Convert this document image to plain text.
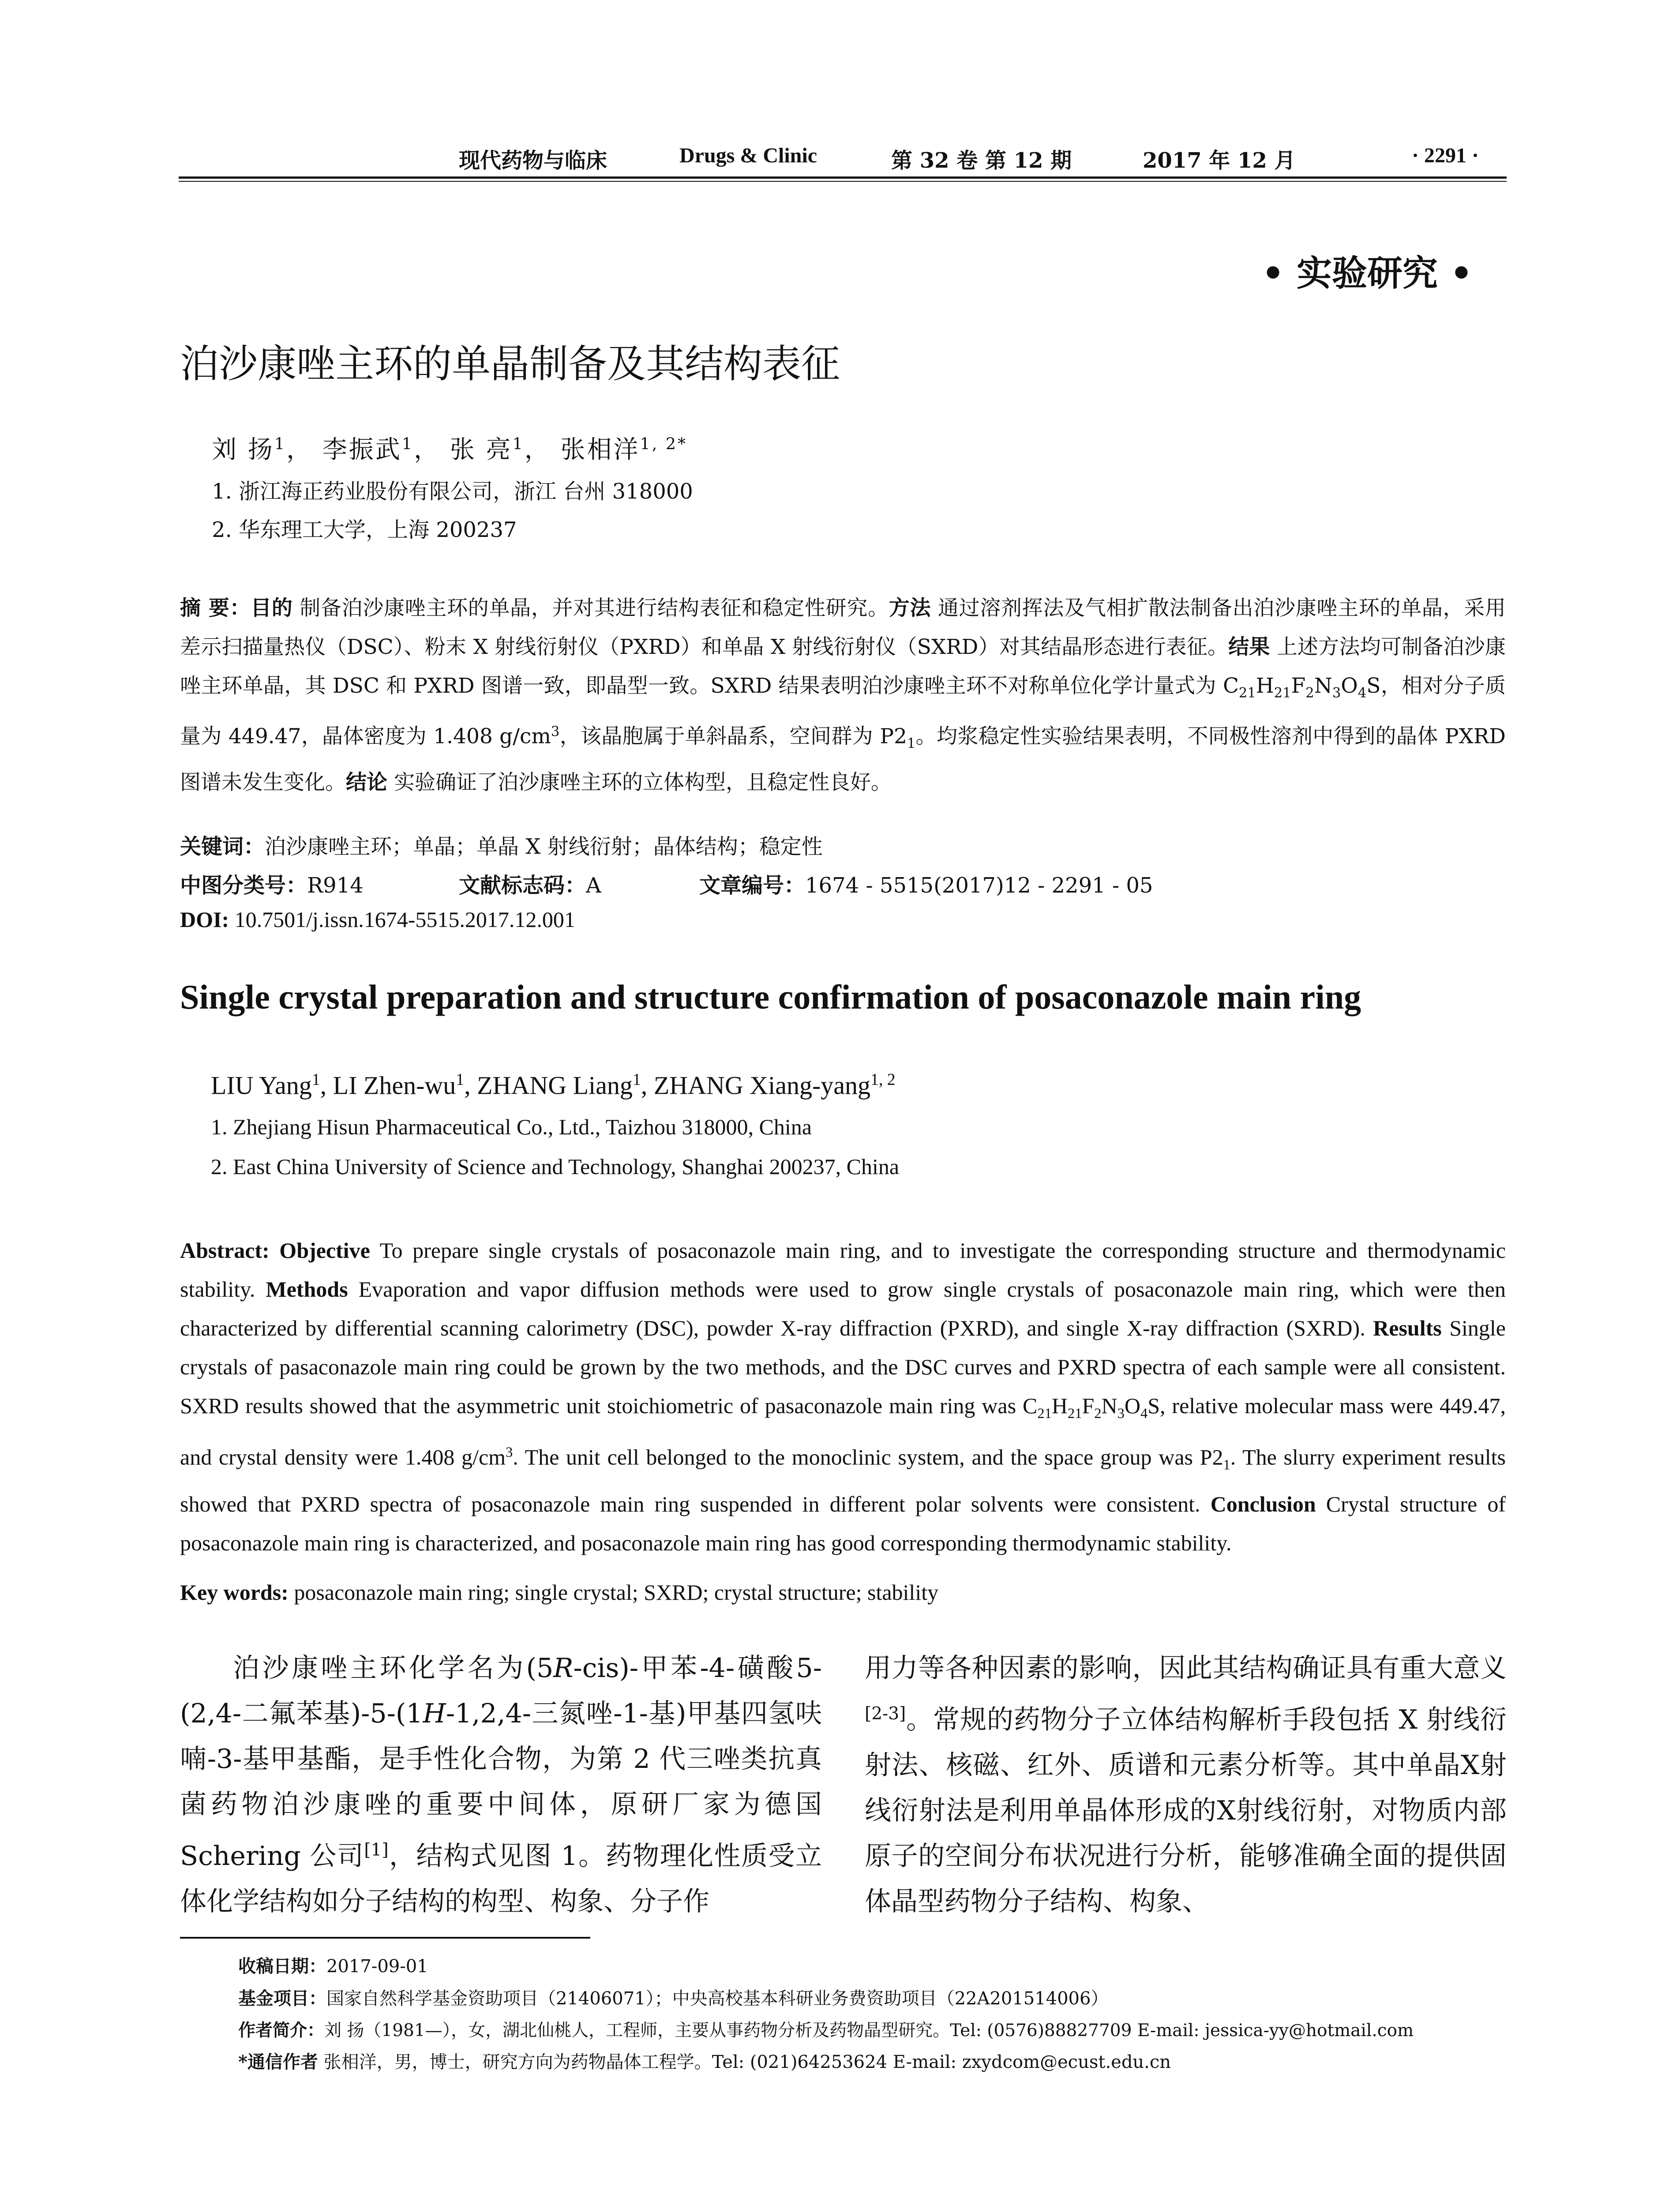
现代药物与临床	Drugs & Clinic	第 32 卷 第 12 期	2017 年 12 月	· 2291 ·
• 实验研究 •
泊沙康唑主环的单晶制备及其结构表征
刘 扬$^1$， 李振武$^1$， 张 亮$^1$， 张相洋$^{1, 2*}$
1. 浙江海正药业股份有限公司，浙江 台州 318000
2. 华东理工大学，上海 200237
摘 要：目的 制备泊沙康唑主环的单晶，并对其进行结构表征和稳定性研究。方法 通过溶剂挥法及气相扩散法制备出泊沙康唑主环的单晶，采用差示扫描量热仪（DSC）、粉末 X 射线衍射仪（PXRD）和单晶 X 射线衍射仪（SXRD）对其结晶形态进行表征。结果 上述方法均可制备泊沙康唑主环单晶，其 DSC 和 PXRD 图谱一致，即晶型一致。SXRD 结果表明泊沙康唑主环不对称单位化学计量式为 $C_{21}H_{21}F_2N_3O_4S$，相对分子质量为 449.47，晶体密度为 1.408 $g/cm^3$，该晶胞属于单斜晶系，空间群为 $P2_1$。均浆稳定性实验结果表明，不同极性溶剂中得到的晶体 PXRD 图谱未发生变化。结论 实验确证了泊沙康唑主环的立体构型，且稳定性良好。
关键词：泊沙康唑主环；单晶；单晶 X 射线衍射；晶体结构；稳定性
中图分类号：R914	文献标志码：A	文章编号：1674 - 5515(2017)12 - 2291 - 05
DOI: 10.7501/j.issn.1674-5515.2017.12.001
Single crystal preparation and structure confirmation of posaconazole main ring
LIU Yang$^1$, LI Zhen-$wu^1$, ZHANG Liang$^1$, ZHANG Xiang-yang$^{1, 2}$
1. Zhejiang Hisun Pharmaceutical Co., Ltd., Taizhou 318000, China
2. East China University of Science and Technology, Shanghai 200237, China
Abstract: Objective To prepare single crystals of posaconazole main ring, and to investigate the corresponding structure and thermodynamic stability. Methods Evaporation and vapor diffusion methods were used to grow single crystals of posaconazole main ring, which were then characterized by differential scanning calorimetry (DSC), powder X-ray diffraction (PXRD), and single X-ray diffraction (SXRD). Results Single crystals of pasaconazole main ring could be grown by the two methods, and the DSC curves and PXRD spectra of each sample were all consistent. SXRD results showed that the asymmetric unit stoichiometric of pasaconazole main ring was $C_{21}H_{21}F_2N_3O_4S$, relative molecular mass were 449.47, and crystal density were 1.408 $g/cm^3$. The unit cell belonged to the monoclinic system, and the space group was $P2_1$. The slurry experiment results showed that PXRD spectra of posaconazole main ring suspended in different polar solvents were consistent. Conclusion Crystal structure of posaconazole main ring is characterized, and posaconazole main ring has good corresponding thermodynamic stability.
Key words: posaconazole main ring; single crystal; SXRD; crystal structure; stability
泊沙康唑主环化学名为(5R-cis)-甲苯-4-磺酸5-(2,4-二氟苯基)-5-(1H-1,2,4-三氮唑-1-基)甲基四氢呋喃-3-基甲基酯，是手性化合物，为第 2 代三唑类抗真菌药物泊沙康唑的重要中间体，原研厂家为德国 Schering 公司[1]，结构式见图 1。药物理化性质受立体化学结构如分子结构的构型、构象、分子作
用力等各种因素的影响，因此其结构确证具有重大意义[2-3]。常规的药物分子立体结构解析手段包括 X 射线衍射法、核磁、红外、质谱和元素分析等。其中单晶X射线衍射法是利用单晶体形成的X射线衍射，对物质内部原子的空间分布状况进行分析，能够准确全面的提供固体晶型药物分子结构、构象、
收稿日期：2017-09-01
基金项目：国家自然科学基金资助项目（21406071）；中央高校基本科研业务费资助项目（22A201514006）
作者简介：刘 扬（1981—），女，湖北仙桃人，工程师，主要从事药物分析及药物晶型研究。Tel: (0576)88827709 E-mail: jessica-yy@hotmail.com
*通信作者 张相洋，男，博士，研究方向为药物晶体工程学。Tel: (021)64253624 E-mail: zxydcom@ecust.edu.cn
